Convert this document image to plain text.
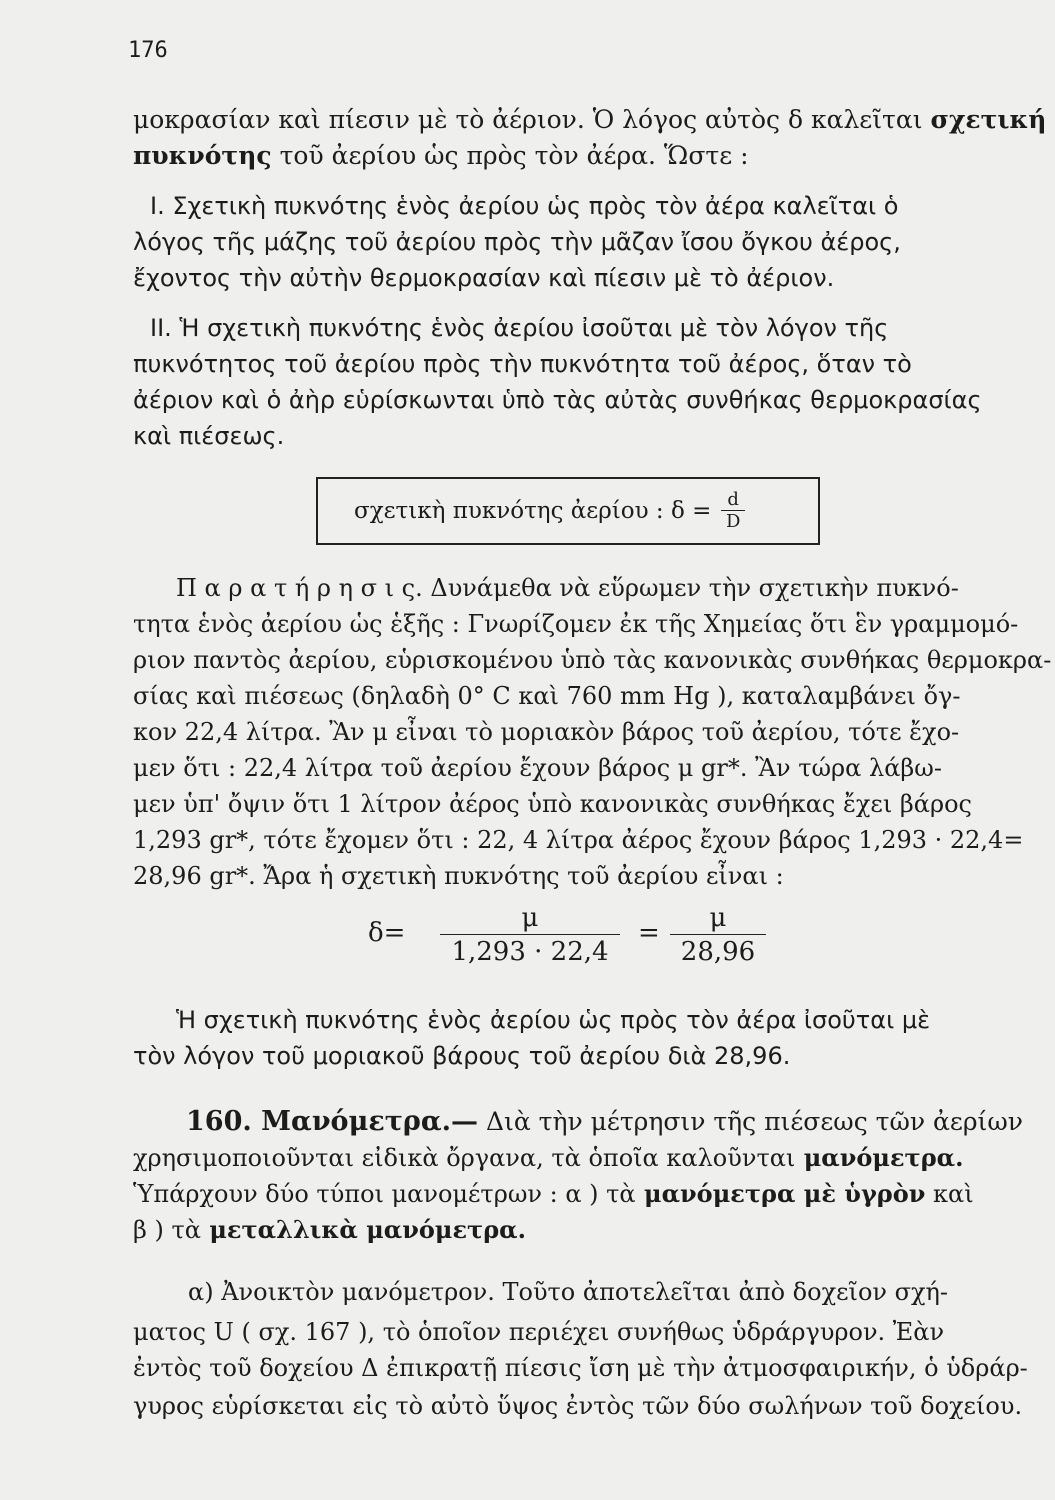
176
μοκρασίαν καὶ πίεσιν μὲ τὸ ἀέριον. Ὁ λόγος αὐτὸς δ καλεῖται σχετική
πυκνότης τοῦ ἀερίου ὡς πρὸς τὸν ἀέρα. Ὥστε :
I. Σχετικὴ πυκνότης ἑνὸς ἀερίου ὡς πρὸς τὸν ἀέρα καλεῖται ὁ
λόγος τῆς μάζης τοῦ ἀερίου πρὸς τὴν μᾶζαν ἴσου ὄγκου ἀέρος,
ἔχοντος τὴν αὐτὴν θερμοκρασίαν καὶ πίεσιν μὲ τὸ ἀέριον.
II. Ἡ σχετικὴ πυκνότης ἑνὸς ἀερίου ἰσοῦται μὲ τὸν λόγον τῆς
πυκνότητος τοῦ ἀερίου πρὸς τὴν πυκνότητα τοῦ ἀέρος, ὅταν τὸ
ἀέριον καὶ ὁ ἀὴρ εὑρίσκωνται ὑπὸ τὰς αὐτὰς συνθήκας θερμοκρασίας
καὶ πιέσεως.
σχετικὴ πυκνότης ἀερίου : $\delta = \frac{d}{D}$
Π α ρ α τ ή ρ η σ ι ς. Δυνάμεθα νὰ εὕρωμεν τὴν σχετικὴν πυκνό-
τητα ἑνὸς ἀερίου ὡς ἑξῆς : Γνωρίζομεν ἐκ τῆς Χημείας ὅτι ἓν γραμμομό-
ριον παντὸς ἀερίου, εὑρισκομένου ὑπὸ τὰς κανονικὰς συνθήκας θερμοκρα-
σίας καὶ πιέσεως (δηλαδὴ 0° C καὶ 760 mm Hg ), καταλαμβάνει ὄγ-
κον 22,4 λίτρα. Ἂν μ εἶναι τὸ μοριακὸν βάρος τοῦ ἀερίου, τότε ἔχο-
μεν ὅτι : 22,4 λίτρα τοῦ ἀερίου ἔχουν βάρος μ gr*. Ἂν τώρα λάβω-
μεν ὑπ' ὄψιν ὅτι 1 λίτρον ἀέρος ὑπὸ κανονικὰς συνθήκας ἔχει βάρος
1,293 gr*, τότε ἔχομεν ὅτι : 22, 4 λίτρα ἀέρος ἔχουν βάρος 1,293 · 22,4=
28,96 gr*. Ἄρα ἡ σχετικὴ πυκνότης τοῦ ἀερίου εἶναι :
δ=	μ
1,293 · 22,4
=	μ
28,96
Ἡ σχετικὴ πυκνότης ἑνὸς ἀερίου ὡς πρὸς τὸν ἀέρα ἰσοῦται μὲ
τὸν λόγον τοῦ μοριακοῦ βάρους τοῦ ἀερίου διὰ 28,96.
160. Μανόμετρα.— Διὰ τὴν μέτρησιν τῆς πιέσεως τῶν ἀερίων
χρησιμοποιοῦνται εἰδικὰ ὄργανα, τὰ ὁποῖα καλοῦνται μανόμετρα.
Ὑπάρχουν δύο τύποι μανομέτρων : α ) τὰ μανόμετρα μὲ ὑγρὸν καὶ
β ) τὰ μεταλλικὰ μανόμετρα.
α) Ἀνοικτὸν μανόμετρον. Τοῦτο ἀποτελεῖται ἀπὸ δοχεῖον σχή-
ματος U ( σχ. 167 ), τὸ ὁποῖον περιέχει συνήθως ὑδράργυρον. Ἐὰν
ἐντὸς τοῦ δοχείου Δ ἐπικρατῇ πίεσις ἴση μὲ τὴν ἀτμοσφαιρικήν, ὁ ὑδράρ-
γυρος εὑρίσκεται εἰς τὸ αὐτὸ ὕψος ἐντὸς τῶν δύο σωλήνων τοῦ δοχείου.
